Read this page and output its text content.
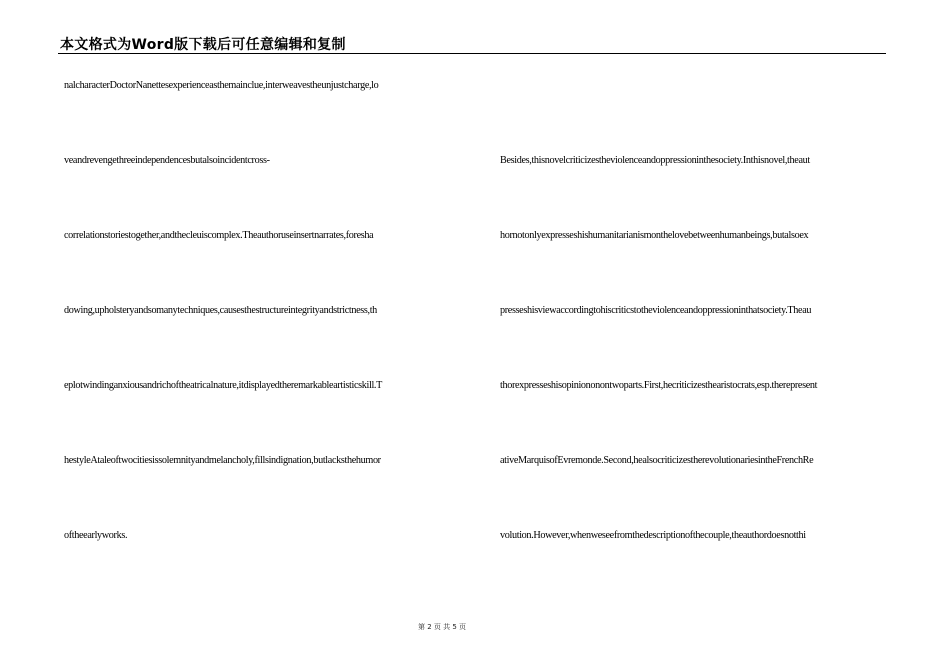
本文格式为Word版下载后可任意编辑和复制
nalcharacterDoctorNanettesexperienceasthemainclue,interweavestheunjustcharge,lo
veandrevengethreeindependencesbutalsoincidentcross-
correlationstoriestogether,andthecleuiscomplex.Theauthoruseinsertnarrates,foresha
dowing,upholsteryandsomanytechniques,causesthestructureintegrityandstrictness,th
eplotwindinganxiousandrichoftheatricalnature,itdisplayedtheremarkableartisticskill.T
hestyleAtaleoftwocitiesissolemnityandmelancholy,fillsindignation,butlacksthehumor
oftheearlyworks.
Besides,thisnovelcriticizestheviolenceandoppressioninthesociety.Inthisnovel,theaut
hornotonlyexpresseshishumanitarianismonthelovebetweenhumanbeings,butalsoex
presseshisviewaccordingtohiscriticstotheviolenceandoppressioninthatsociety.Theau
thorexpresseshisopiniononontwoparts.First,hecriticizesthearistocrats,esp.therepresent
ativeMarquisofEvremonde.Second,healsocriticizestherevolutionariesintheFrenchRe
volution.However,whenweseefromthedescriptionofthecouple,theauthordoesnotthi
第 2 页 共 5 页
